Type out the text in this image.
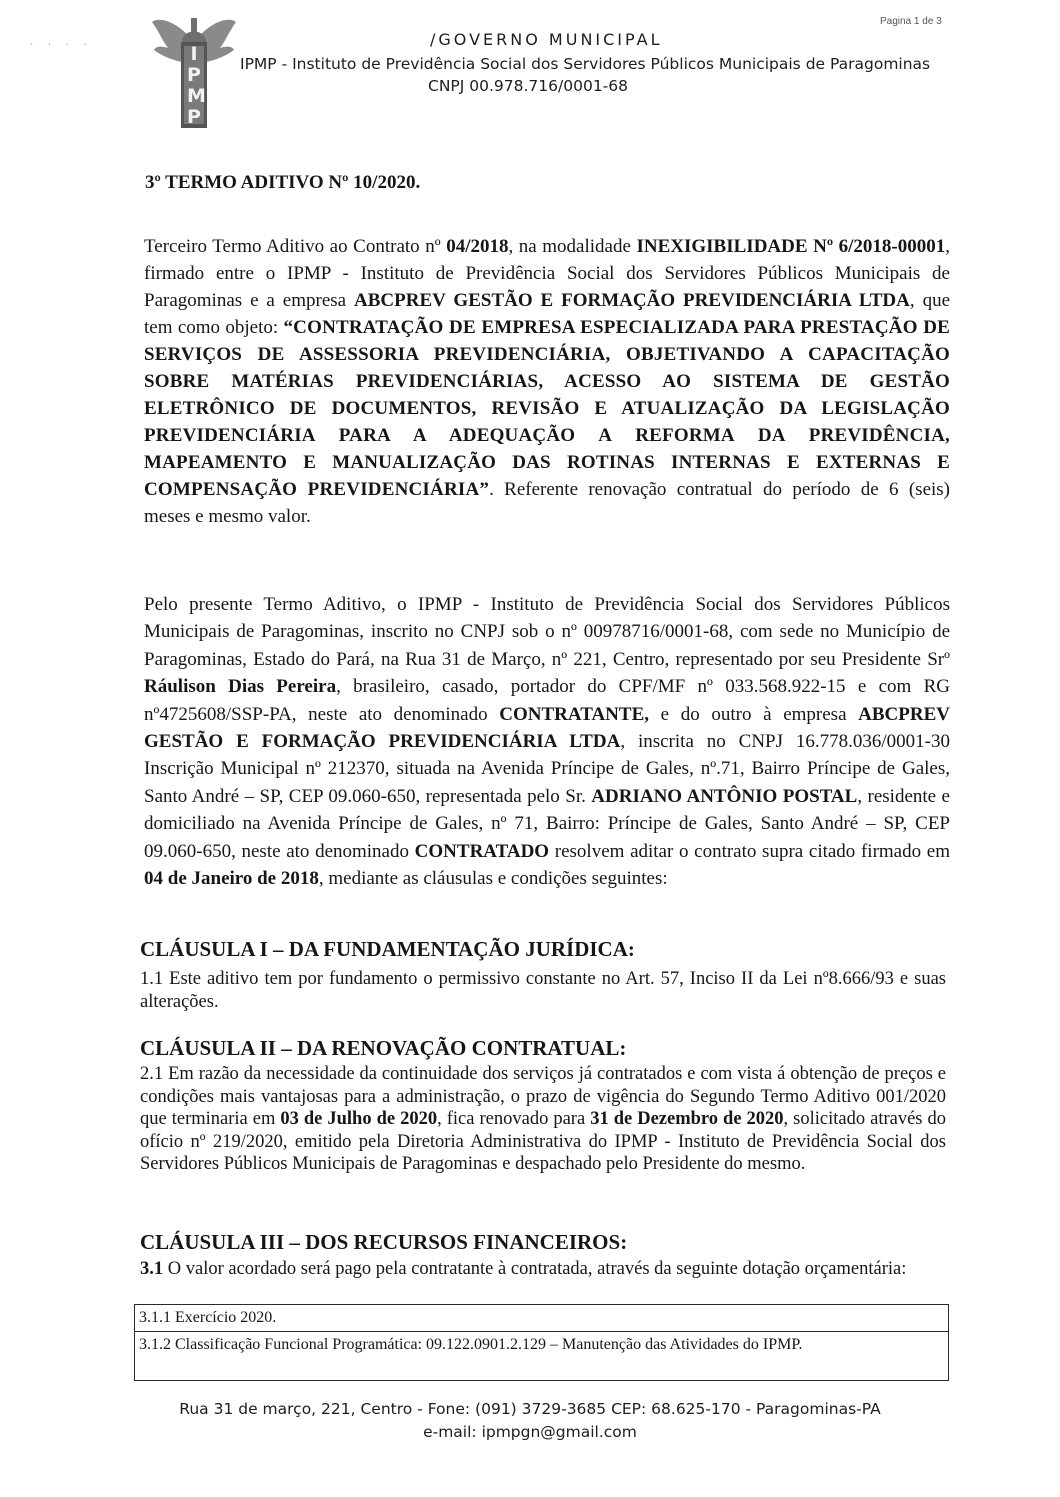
· · · ·	IPMP
Pagina 1 de 3
/GOVERNO MUNICIPAL
IPMP - Instituto de Previdência Social dos Servidores Públicos Municipais de Paragominas
CNPJ 00.978.716/0001-68
3º TERMO ADITIVO Nº 10/2020.
Terceiro Termo Aditivo ao Contrato nº 04/2018, na modalidade INEXIGIBILIDADE Nº 6/2018-00001, firmado entre o IPMP - Instituto de Previdência Social dos Servidores Públicos Municipais de Paragominas e a empresa ABCPREV GESTÃO E FORMAÇÃO PREVIDENCIÁRIA LTDA, que tem como objeto: “CONTRATAÇÃO DE EMPRESA ESPECIALIZADA PARA PRESTAÇÃO DE SERVIÇOS DE ASSESSORIA PREVIDENCIÁRIA, OBJETIVANDO A CAPACITAÇÃO SOBRE MATÉRIAS PREVIDENCIÁRIAS, ACESSO AO SISTEMA DE GESTÃO ELETRÔNICO DE DOCUMENTOS, REVISÃO E ATUALIZAÇÃO DA LEGISLAÇÃO PREVIDENCIÁRIA PARA A ADEQUAÇÃO A REFORMA DA PREVIDÊNCIA, MAPEAMENTO E MANUALIZAÇÃO DAS ROTINAS INTERNAS E EXTERNAS E COMPENSAÇÃO PREVIDENCIÁRIA”. Referente renovação contratual do período de 6 (seis) meses e mesmo valor.
Pelo presente Termo Aditivo, o IPMP - Instituto de Previdência Social dos Servidores Públicos Municipais de Paragominas, inscrito no CNPJ sob o nº 00978716/0001-68, com sede no Município de Paragominas, Estado do Pará, na Rua 31 de Março, nº 221, Centro, representado por seu Presidente Srº Ráulison Dias Pereira, brasileiro, casado, portador do CPF/MF nº 033.568.922-15 e com RG nº4725608/SSP-PA, neste ato denominado CONTRATANTE, e do outro à empresa ABCPREV GESTÃO E FORMAÇÃO PREVIDENCIÁRIA LTDA, inscrita no CNPJ 16.778.036/0001-30 Inscrição Municipal nº 212370, situada na Avenida Príncipe de Gales, nº.71, Bairro Príncipe de Gales, Santo André – SP, CEP 09.060-650, representada pelo Sr. ADRIANO ANTÔNIO POSTAL, residente e domiciliado na Avenida Príncipe de Gales, nº 71, Bairro: Príncipe de Gales, Santo André – SP, CEP 09.060-650, neste ato denominado CONTRATADO resolvem aditar o contrato supra citado firmado em 04 de Janeiro de 2018, mediante as cláusulas e condições seguintes:
CLÁUSULA I – DA FUNDAMENTAÇÃO JURÍDICA:
1.1 Este aditivo tem por fundamento o permissivo constante no Art. 57, Inciso II da Lei nº8.666/93 e suas alterações.
CLÁUSULA II – DA RENOVAÇÃO CONTRATUAL:
2.1 Em razão da necessidade da continuidade dos serviços já contratados e com vista á obtenção de preços e condições mais vantajosas para a administração, o prazo de vigência do Segundo Termo Aditivo 001/2020 que terminaria em 03 de Julho de 2020, fica renovado para 31 de Dezembro de 2020, solicitado através do ofício nº 219/2020, emitido pela Diretoria Administrativa do IPMP - Instituto de Previdência Social dos Servidores Públicos Municipais de Paragominas e despachado pelo Presidente do mesmo.
CLÁUSULA III – DOS RECURSOS FINANCEIROS:
3.1 O valor acordado será pago pela contratante à contratada, através da seguinte dotação orçamentária:
3.1.1 Exercício 2020.
3.1.2 Classificação Funcional Programática: 09.122.0901.2.129 – Manutenção das Atividades do IPMP.
Rua 31 de março, 221, Centro - Fone: (091) 3729-3685 CEP: 68.625-170 - Paragominas-PA
e-mail: ipmpgn@gmail.com
